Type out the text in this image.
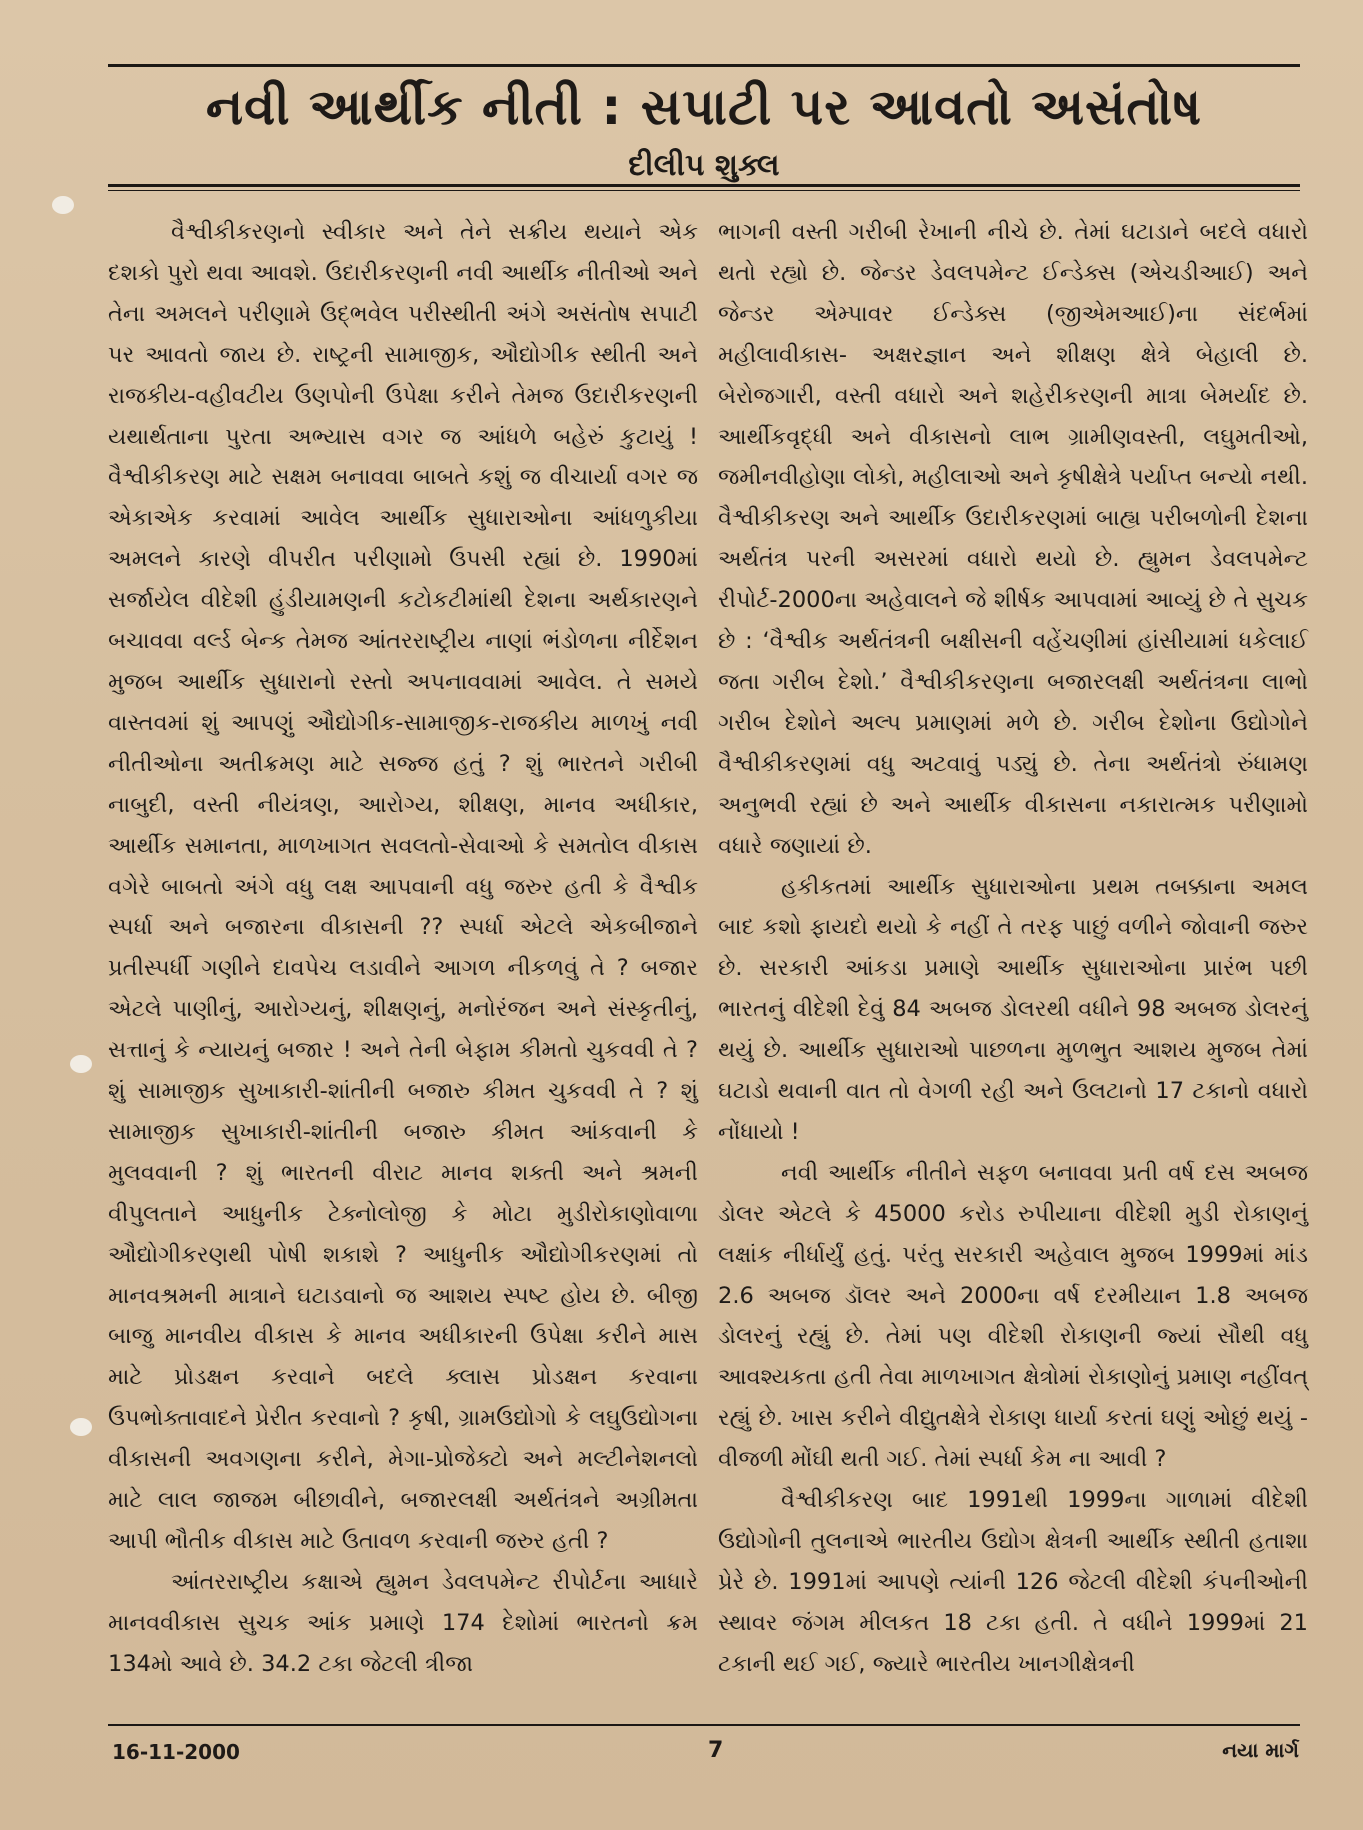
નવી આર્થીક નીતી : સપાટી પર આવતો અસંતોષ
દીલીપ શુક્લ

વૈશ્વીકીકરણનો સ્વીકાર અને તેને સક્રીય થયાને એક દશકો પુરો થવા આવશે. ઉદારીકરણની નવી આર્થીક નીતીઓ અને તેના અમલને પરીણામે ઉદ્ભવેલ પરીસ્થીતી અંગે અસંતોષ સપાટી પર આવતો જાય છે. રાષ્ટ્રની સામાજીક, ઔદ્યોગીક સ્થીતી અને રાજકીય-વહીવટીય ઉણપોની ઉપેક્ષા કરીને તેમજ ઉદારીકરણની યથાર્થતાના પુરતા અભ્યાસ વગર જ આંધળે બહેરું કુટાયું ! વૈશ્વીકીકરણ માટે સક્ષમ બનાવવા બાબતે કશું જ વીચાર્યા વગર જ એકાએક કરવામાં આવેલ આર્થીક સુધારાઓના આંધળુકીયા અમલને કારણે વીપરીત પરીણામો ઉપસી રહ્યાં છે. 1990માં સર્જાયેલ વીદેશી હુંડીયામણની કટોકટીમાંથી દેશના અર્થકારણને બચાવવા વર્લ્ડ બેન્ક તેમજ આંતરરાષ્ટ્રીય નાણાં ભંડોળના નીર્દેશન મુજબ આર્થીક સુધારાનો રસ્તો અપનાવવામાં આવેલ. તે સમયે વાસ્તવમાં શું આપણું ઔદ્યોગીક-સામાજીક-રાજકીય માળખું નવી નીતીઓના અતીક્રમણ માટે સજ્જ હતું ? શું ભારતને ગરીબી નાબુદી, વસ્તી નીયંત્રણ, આરોગ્ય, શીક્ષણ, માનવ અધીકાર, આર્થીક સમાનતા, માળખાગત સવલતો-સેવાઓ કે સમતોલ વીકાસ વગેરે બાબતો અંગે વધુ લક્ષ આપવાની વધુ જરુર હતી કે વૈશ્વીક સ્પર્ધા અને બજારના વીકાસની ?? સ્પર્ધા એટલે એકબીજાને પ્રતીસ્પર્ધી ગણીને દાવપેચ લડાવીને આગળ નીકળવું તે ? બજાર એટલે પાણીનું, આરોગ્યનું, શીક્ષણનું, મનોરંજન અને સંસ્કૃતીનું, સત્તાનું કે ન્યાયનું બજાર ! અને તેની બેફામ કીમતો ચુકવવી તે ? શું સામાજીક સુખાકારી-શાંતીની બજારુ કીમત ચુકવવી તે ? શું સામાજીક સુખાકારી-શાંતીની બજારુ કીમત આંકવાની કે મુલવવાની ? શું ભારતની વીરાટ માનવ શક્તી અને શ્રમની વીપુલતાને આધુનીક ટેક્નોલોજી કે મોટા મુડીરોકાણોવાળા ઔદ્યોગીકરણથી પોષી શકાશે ? આધુનીક ઔદ્યોગીકરણમાં તો માનવશ્રમની માત્રાને ઘટાડવાનો જ આશય સ્પષ્ટ હોય છે. બીજી બાજુ માનવીય વીકાસ કે માનવ અધીકારની ઉપેક્ષા કરીને માસ માટે પ્રોડક્ષન કરવાને બદલે ક્લાસ પ્રોડક્ષન કરવાના ઉપભોક્તાવાદને પ્રેરીત કરવાનો ? કૃષી, ગ્રામઉદ્યોગો કે લઘુઉદ્યોગના વીકાસની અવગણના કરીને, મેગા-પ્રોજેક્ટો અને મલ્ટીનેશનલો માટે લાલ જાજમ બીછાવીને, બજારલક્ષી અર્થતંત્રને અગ્રીમતા આપી ભૌતીક વીકાસ માટે ઉતાવળ કરવાની જરુર હતી ?

આંતરરાષ્ટ્રીય કક્ષાએ હ્યુમન ડેવલપમેન્ટ રીપોર્ટના આધારે માનવવીકાસ સુચક આંક પ્રમાણે 174 દેશોમાં ભારતનો ક્રમ 134મો આવે છે. 34.2 ટકા જેટલી ત્રીજા

ભાગની વસ્તી ગરીબી રેખાની નીચે છે. તેમાં ઘટાડાને બદલે વધારો થતો રહ્યો છે. જેન્ડર ડેવલપમેન્ટ ઈન્ડેક્સ (એચડીઆઈ) અને જેન્ડર એમ્પાવર ઈન્ડેક્સ (જીએમઆઈ)ના સંદર્ભમાં મહીલાવીકાસ- અક્ષરજ્ઞાન અને શીક્ષણ ક્ષેત્રે બેહાલી છે. બેરોજગારી, વસ્તી વધારો અને શહેરીકરણની માત્રા બેમર્યાદ છે. આર્થીકવૃદ્ધી અને વીકાસનો લાભ ગ્રામીણવસ્તી, લઘુમતીઓ, જમીનવીહોણા લોકો, મહીલાઓ અને કૃષીક્ષેત્રે પર્યાપ્ત બન્યો નથી. વૈશ્વીકીકરણ અને આર્થીક ઉદારીકરણમાં બાહ્ય પરીબળોની દેશના અર્થતંત્ર પરની અસરમાં વધારો થયો છે. હ્યુમન ડેવલપમેન્ટ રીપોર્ટ-2000ના અહેવાલને જે શીર્ષક આપવામાં આવ્યું છે તે સુચક છે : ‘વૈશ્વીક અર્થતંત્રની બક્ષીસની વહેંચણીમાં હાંસીયામાં ધકેલાઈ જતા ગરીબ દેશો.’ વૈશ્વીકીકરણના બજારલક્ષી અર્થતંત્રના લાભો ગરીબ દેશોને અલ્પ પ્રમાણમાં મળે છે. ગરીબ દેશોના ઉદ્યોગોને વૈશ્વીકીકરણમાં વધુ અટવાવું પડ્યું છે. તેના અર્થતંત્રો રુંધામણ અનુભવી રહ્યાં છે અને આર્થીક વીકાસના નકારાત્મક પરીણામો વધારે જણાયાં છે.

હકીકતમાં આર્થીક સુધારાઓના પ્રથમ તબક્કાના અમલ બાદ કશો ફાયદો થયો કે નહીં તે તરફ પાછું વળીને જોવાની જરુર છે. સરકારી આંકડા પ્રમાણે આર્થીક સુધારાઓના પ્રારંભ પછી ભારતનું વીદેશી દેવું 84 અબજ ડોલરથી વધીને 98 અબજ ડોલરનું થયું છે. આર્થીક સુધારાઓ પાછળના મુળભુત આશય મુજબ તેમાં ઘટાડો થવાની વાત તો વેગળી રહી અને ઉલટાનો 17 ટકાનો વધારો નોંધાયો !

નવી આર્થીક નીતીને સફળ બનાવવા પ્રતી વર્ષ દસ અબજ ડોલર એટલે કે 45000 કરોડ રુપીયાના વીદેશી મુડી રોકાણનું લક્ષાંક નીર્ધાર્યું હતું. પરંતુ સરકારી અહેવાલ મુજબ 1999માં માંડ 2.6 અબજ ડૉલર અને 2000ના વર્ષ દરમીયાન 1.8 અબજ ડોલરનું રહ્યું છે. તેમાં પણ વીદેશી રોકાણની જ્યાં સૌથી વધુ આવશ્યકતા હતી તેવા માળખાગત ક્ષેત્રોમાં રોકાણોનું પ્રમાણ નહીંવત્ રહ્યું છે. ખાસ કરીને વીદ્યુતક્ષેત્રે રોકાણ ધાર્યા કરતાં ઘણું ઓછું થયું - વીજળી મોંઘી થતી ગઈ. તેમાં સ્પર્ધા કેમ ના આવી ?

વૈશ્વીકીકરણ બાદ 1991થી 1999ના ગાળામાં વીદેશી ઉદ્યોગોની તુલનાએ ભારતીય ઉદ્યોગ ક્ષેત્રની આર્થીક સ્થીતી હતાશા પ્રેરે છે. 1991માં આપણે ત્યાંની 126 જેટલી વીદેશી કંપનીઓની સ્થાવર જંગમ મીલકત 18 ટકા હતી. તે વધીને 1999માં 21 ટકાની થઈ ગઈ, જ્યારે ભારતીય ખાનગીક્ષેત્રની

16-11-2000	7	નયા માર્ગ
